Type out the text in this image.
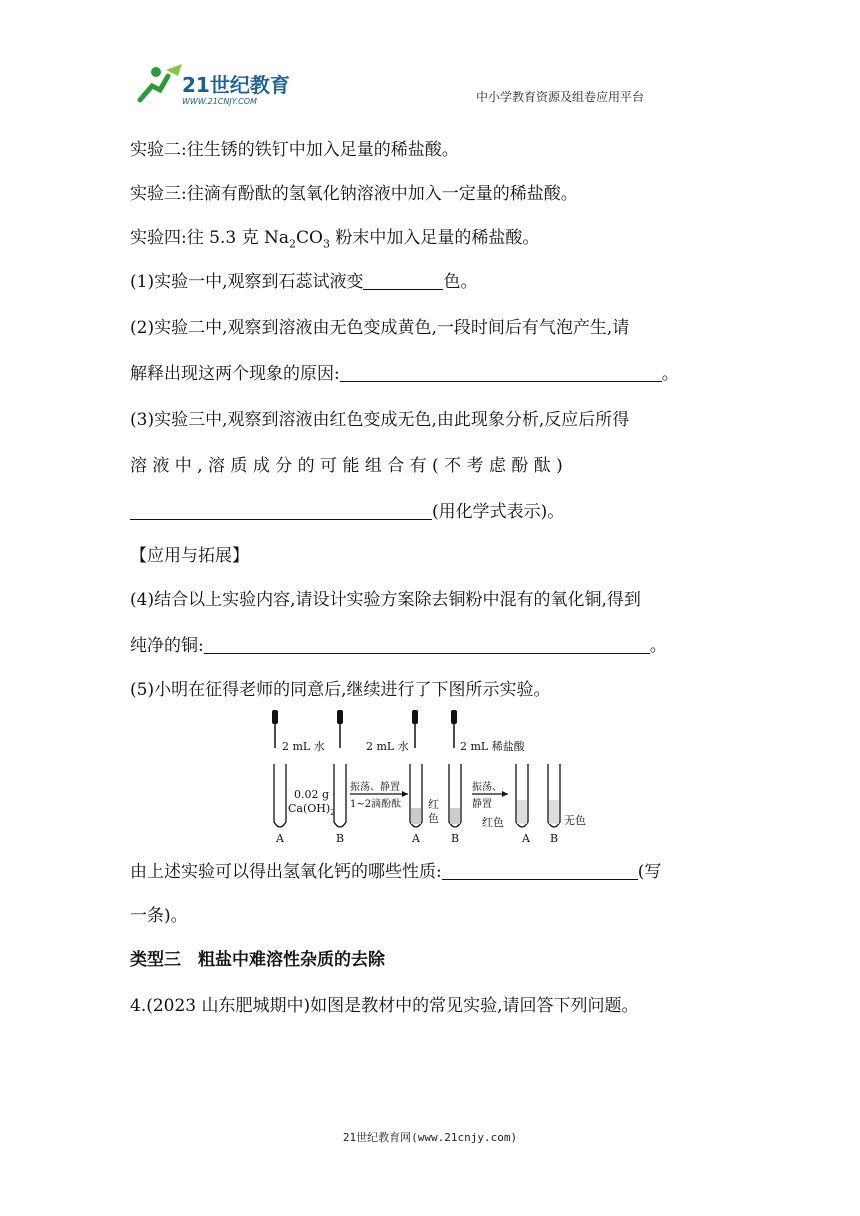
21世纪教育
WWW.21CNJY.COM	中小学教育资源及组卷应用平台
实验二:往生锈的铁钉中加入足量的稀盐酸。
实验三:往滴有酚酞的氢氧化钠溶液中加入一定量的稀盐酸。
实验四:往 5.3 克 $Na_2CO_3$ 粉末中加入足量的稀盐酸。
(1)实验一中,观察到石蕊试液变	色。
(2)实验二中,观察到溶液由无色变成黄色,一段时间后有气泡产生,请
解释出现这两个现象的原因:	。
(3)实验三中,观察到溶液由红色变成无色,由此现象分析,反应后所得
溶 液 中 , 溶 质 成 分 的 可 能 组 合 有 ( 不 考 虑 酚 酞 )
(用化学式表示)。
【应用与拓展】
(4)结合以上实验内容,请设计实验方案除去铜粉中混有的氧化铜,得到
纯净的铜:	。
(5)小明在征得老师的同意后,继续进行了下图所示实验。
2 mL 水	2 mL 水	2 mL 稀盐酸
0.02 g
$Ca(OH)_2$
A	B
振荡、静置
1~2滴酚酞 红
色
A	B
振荡、
静置
红色	无色
A B
由上述实验可以得出氢氧化钙的哪些性质:	(写
一条)。
类型三　粗盐中难溶性杂质的去除
4.(2023 山东肥城期中)如图是教材中的常见实验,请回答下列问题。
21世纪教育网(www.21cnjy.com)
